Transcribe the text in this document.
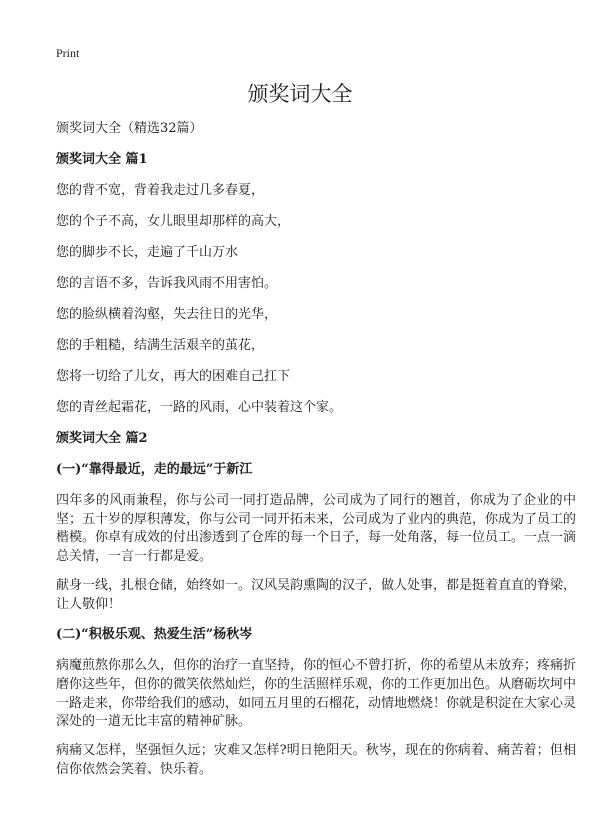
Print
颁奖词大全

颁奖词大全（精选32篇）

颁奖词大全 篇1

您的背不宽，背着我走过几多春夏，

您的个子不高，女儿眼里却那样的高大，

您的脚步不长，走遍了千山万水

您的言语不多，告诉我风雨不用害怕。

您的脸纵横着沟壑，失去往日的光华，

您的手粗糙，结满生活艰辛的茧花，

您将一切给了儿女，再大的困难自己扛下

您的青丝起霜花，一路的风雨，心中装着这个家。

颁奖词大全 篇2

(一)“靠得最近，走的最远”于新江

四年多的风雨兼程，你与公司一同打造品牌，公司成为了同行的翘首，你成为了企业的中坚；五十岁的厚积薄发，你与公司一同开拓未来，公司成为了业内的典范，你成为了员工的楷模。你卓有成效的付出渗透到了仓库的每一个日子，每一处角落，每一位员工。一点一滴总关情，一言一行都是爱。

献身一线，扎根仓储，始终如一。汉风吴韵熏陶的汉子，做人处事，都是挺着直直的脊梁，让人敬仰！

(二)“积极乐观、热爱生活”杨秋岑

病魔煎熬你那么久，但你的治疗一直坚持，你的恒心不曾打折，你的希望从未放弃；疼痛折磨你这些年，但你的微笑依然灿烂，你的生活照样乐观，你的工作更加出色。从磨砺坎坷中一路走来，你带给我们的感动，如同五月里的石榴花，动情地燃烧！你就是积淀在大家心灵深处的一道无比丰富的精神矿脉。

病痛又怎样，坚强恒久远；灾难又怎样?明日艳阳天。秋岑，现在的你病着、痛苦着；但相信你依然会笑着、快乐着。
